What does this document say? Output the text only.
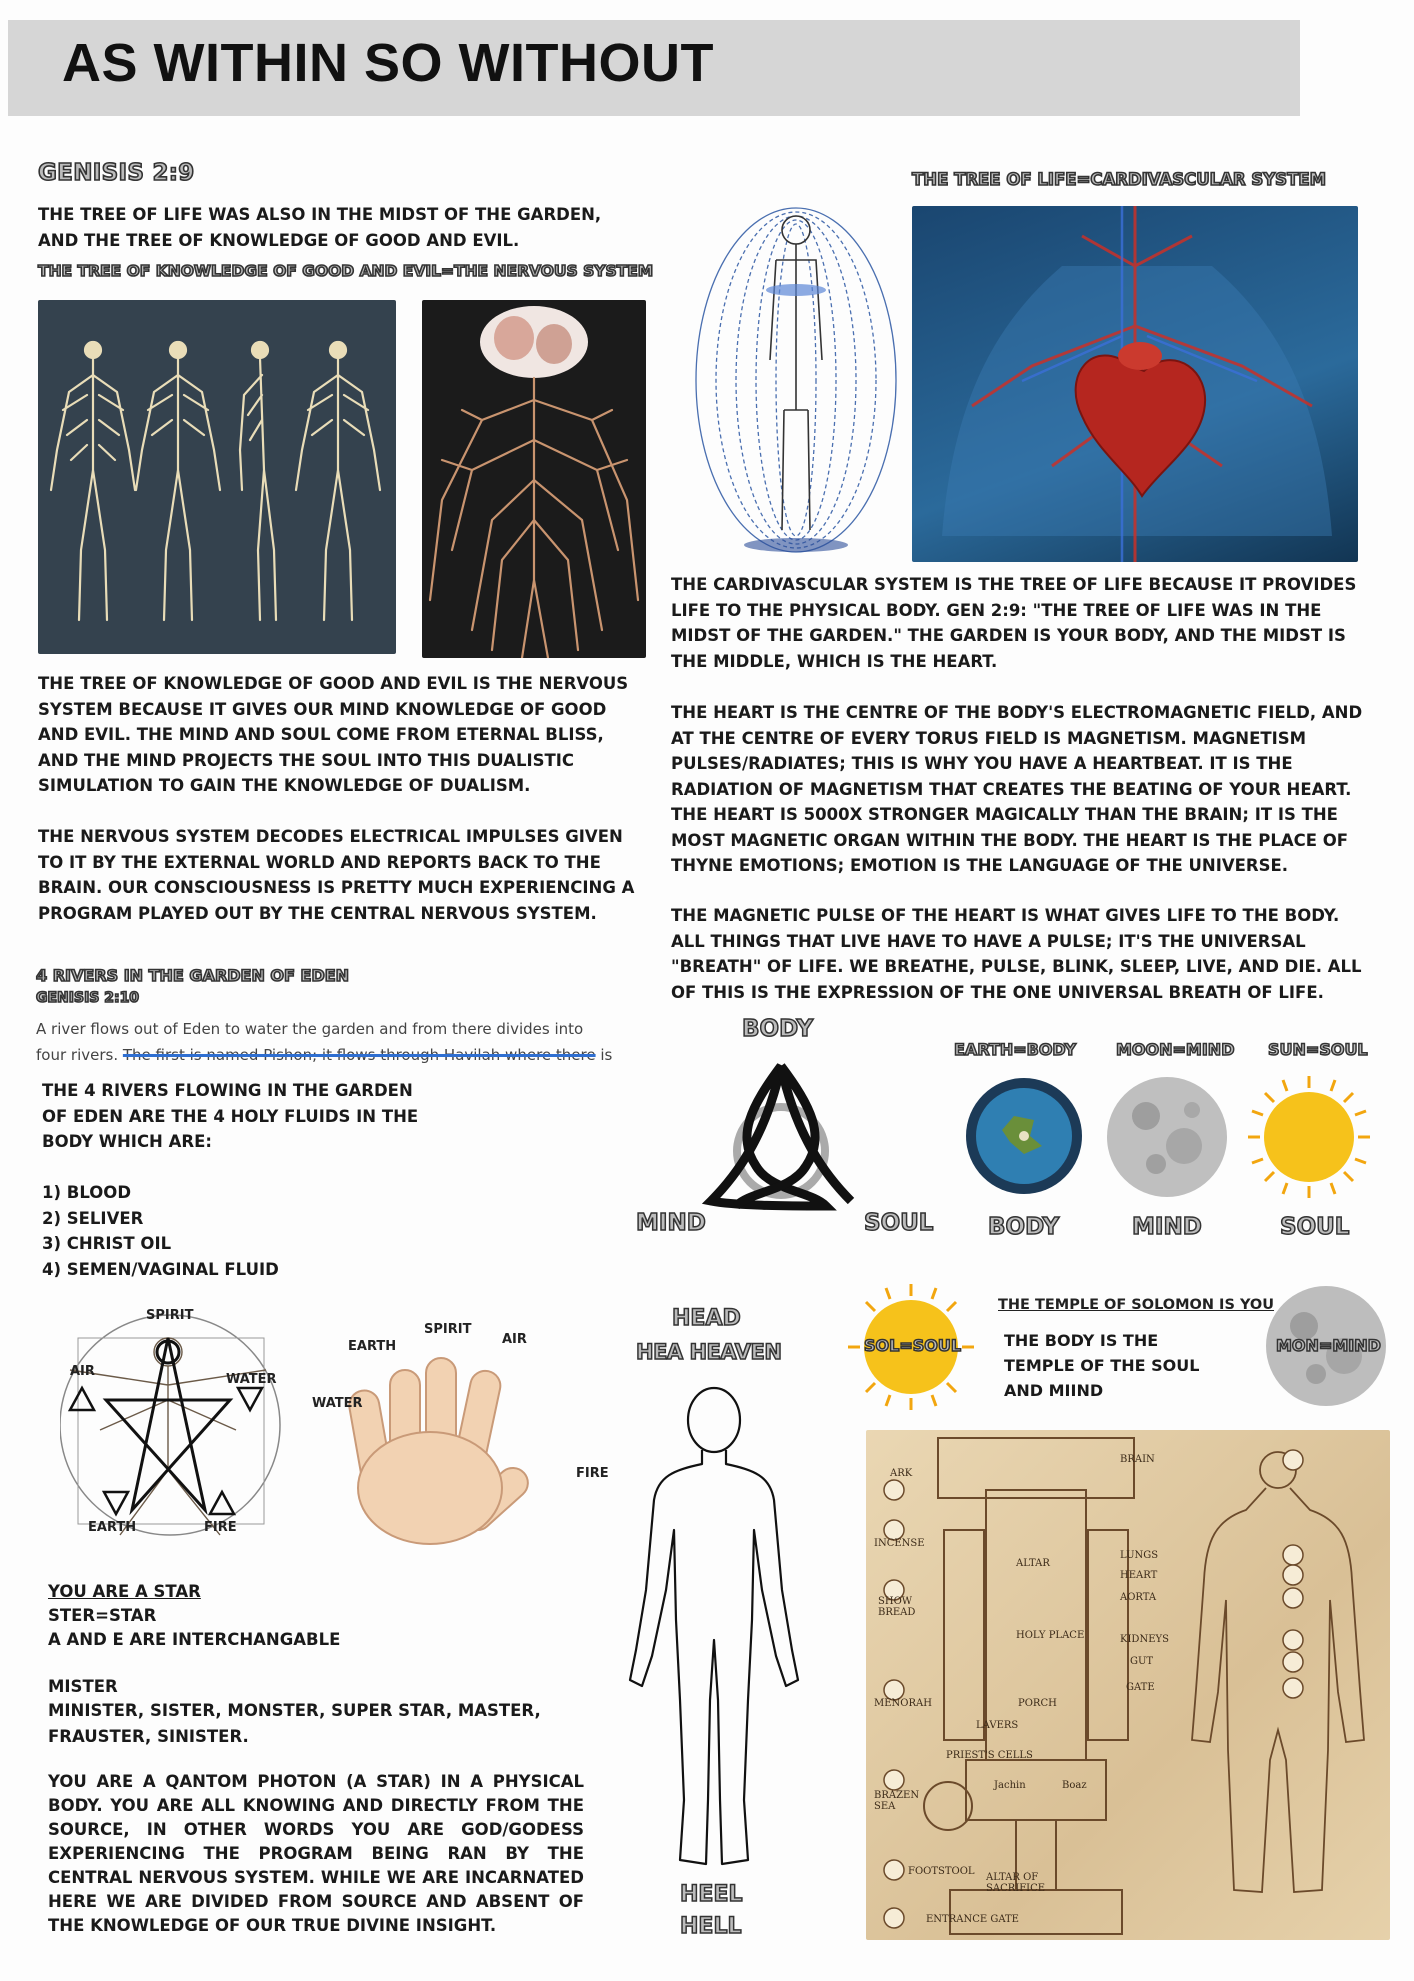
AS WITHIN SO WITHOUT
GENISIS 2:9
THE TREE OF LIFE WAS ALSO IN THE MIDST OF THE GARDEN, AND THE TREE OF KNOWLEDGE OF GOOD AND EVIL.
THE TREE OF KNOWLEDGE OF GOOD AND EVIL=THE NERVOUS SYSTEM
THE TREE OF KNOWLEDGE OF GOOD AND EVIL IS THE NERVOUS SYSTEM BECAUSE IT GIVES OUR MIND KNOWLEDGE OF GOOD AND EVIL. THE MIND AND SOUL COME FROM ETERNAL BLISS, AND THE MIND PROJECTS THE SOUL INTO THIS DUALISTIC SIMULATION TO GAIN THE KNOWLEDGE OF DUALISM.
THE NERVOUS SYSTEM DECODES ELECTRICAL IMPULSES GIVEN TO IT BY THE EXTERNAL WORLD AND REPORTS BACK TO THE BRAIN. OUR CONSCIOUSNESS IS PRETTY MUCH EXPERIENCING A PROGRAM PLAYED OUT BY THE CENTRAL NERVOUS SYSTEM.
4 RIVERS IN THE GARDEN OF EDEN
GENISIS 2:10
A river flows out of Eden to water the garden and from there divides into
four rivers. The first is named Pishon; it flows through Havilah where there is
THE 4 RIVERS FLOWING IN THE GARDEN OF EDEN ARE THE 4 HOLY FLUIDS IN THE BODY WHICH ARE:
1) BLOOD
2) SELIVER
3) CHRIST OIL
4) SEMEN/VAGINAL FLUID
SPIRIT
AIR
WATER
EARTH	FIRE
SPIRIT
EARTH	AIR
WATER
FIRE
YOU ARE A STAR
STER=STAR
A AND E ARE INTERCHANGABLE
MISTER
MINISTER, SISTER, MONSTER, SUPER STAR, MASTER, FRAUSTER, SINISTER.
YOU ARE A QANTOM PHOTON (A STAR) IN A PHYSICAL BODY. YOU ARE ALL KNOWING AND DIRECTLY FROM THE SOURCE, IN OTHER WORDS YOU ARE GOD/GODESS EXPERIENCING THE PROGRAM BEING RAN BY THE CENTRAL NERVOUS SYSTEM. WHILE WE ARE INCARNATED HERE WE ARE DIVIDED FROM SOURCE AND ABSENT OF THE KNOWLEDGE OF OUR TRUE DIVINE INSIGHT.
THE TREE OF LIFE=CARDIVASCULAR SYSTEM
THE CARDIVASCULAR SYSTEM IS THE TREE OF LIFE BECAUSE IT PROVIDES LIFE TO THE PHYSICAL BODY. GEN 2:9: "THE TREE OF LIFE WAS IN THE MIDST OF THE GARDEN." THE GARDEN IS YOUR BODY, AND THE MIDST IS THE MIDDLE, WHICH IS THE HEART.
THE HEART IS THE CENTRE OF THE BODY'S ELECTROMAGNETIC FIELD, AND AT THE CENTRE OF EVERY TORUS FIELD IS MAGNETISM. MAGNETISM PULSES/RADIATES; THIS IS WHY YOU HAVE A HEARTBEAT. IT IS THE RADIATION OF MAGNETISM THAT CREATES THE BEATING OF YOUR HEART. THE HEART IS 5000X STRONGER MAGICALLY THAN THE BRAIN; IT IS THE MOST MAGNETIC ORGAN WITHIN THE BODY. THE HEART IS THE PLACE OF THYNE EMOTIONS; EMOTION IS THE LANGUAGE OF THE UNIVERSE.
THE MAGNETIC PULSE OF THE HEART IS WHAT GIVES LIFE TO THE BODY. ALL THINGS THAT LIVE HAVE TO HAVE A PULSE; IT'S THE UNIVERSAL "BREATH" OF LIFE. WE BREATHE, PULSE, BLINK, SLEEP, LIVE, AND DIE. ALL OF THIS IS THE EXPRESSION OF THE ONE UNIVERSAL BREATH OF LIFE.
BODY
MIND	SOUL
EARTH=BODY MOON=MIND SUN=SOUL
BODY	MIND	SOUL
HEAD
HEA HEAVEN
HEEL
HELL
SOL=SOUL
THE TEMPLE OF SOLOMON IS YOU
THE BODY IS THE TEMPLE OF THE SOUL AND MIIND
MON=MIND
ARK
INCENSE
SHOW BREAD
MENORAH
BRAZEN SEA
FOOTSTOOL
ENTRANCE GATE
ALTAR
PORCH
HOLY PLACE
PRIEST'S CELLS
LAVERS
ALTAR OF SACRIFICE
Jachin	Boaz
BRAIN
LUNGS
HEART
AORTA
KIDNEYS
GUT
GATE
